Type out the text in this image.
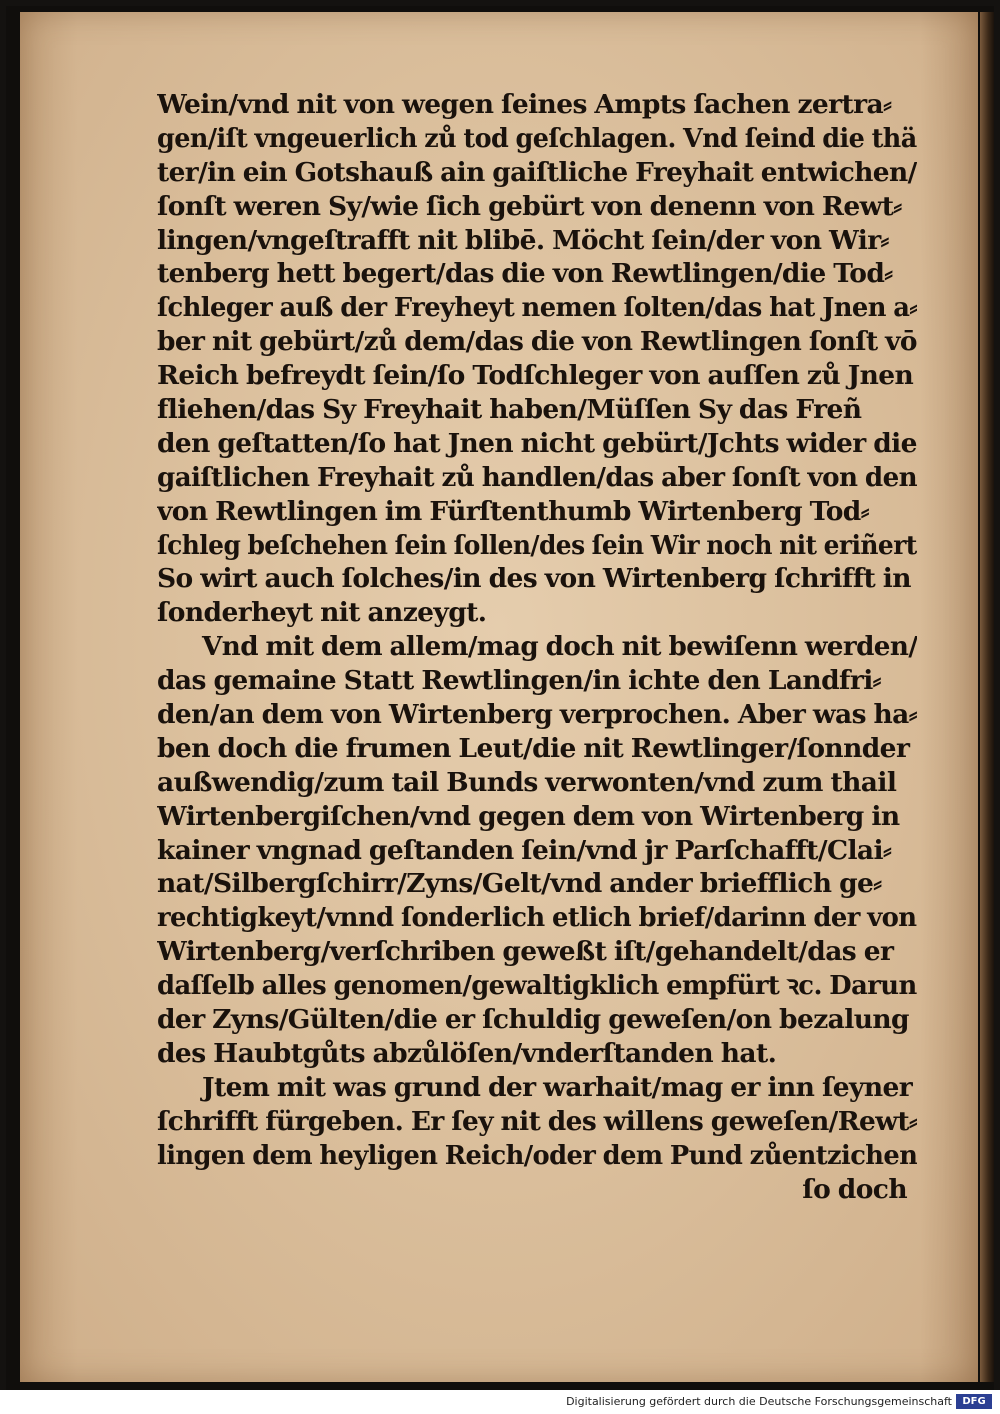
Wein/vnd nit von wegen ſeines Ampts ſachen zertra⸗
gen/iſt vngeuerlich zů tod geſchlagen. Vnd ſeind die thä
ter/in ein Gotshauß ain gaiſtliche Freyhait entwichen/
ſonſt weren Sy/wie ſich gebürt von denenn von Rewt⸗
lingen/vngeſtrafft nit blibē. Möcht ſein/der von Wir⸗
tenberg hett begert/das die von Rewtlingen/die Tod⸗
ſchleger auß der Freyheyt nemen ſolten/das hat Jnen a⸗
ber nit gebürt/zů dem/das die von Rewtlingen ſonſt vō
Reich befreydt ſein/ſo Todſchleger von auſſen zů Jnen
fliehen/das Sy Freyhait haben/Müſſen Sy das Freñ
den geſtatten/ſo hat Jnen nicht gebürt/Jchts wider die
gaiſtlichen Freyhait zů handlen/das aber ſonſt von den
von Rewtlingen im Fürſtenthumb Wirtenberg Tod⸗
ſchleg beſchehen ſein ſollen/des ſein Wir noch nit eriñert
So wirt auch ſolches/in des von Wirtenberg ſchrifft in
ſonderheyt nit anzeygt.
Vnd mit dem allem/mag doch nit bewiſenn werden/
das gemaine Statt Rewtlingen/in ichte den Landfri⸗
den/an dem von Wirtenberg verprochen. Aber was ha⸗
ben doch die frumen Leut/die nit Rewtlinger/ſonnder
außwendig/zum tail Bunds verwonten/vnd zum thail
Wirtenbergiſchen/vnd gegen dem von Wirtenberg in
kainer vngnad geſtanden ſein/vnd jr Parſchafft/Clai⸗
nat/Silbergſchirr/Zyns/Gelt/vnd ander briefflich ge⸗
rechtigkeyt/vnnd ſonderlich etlich brief/darinn der von
Wirtenberg/verſchriben geweßt iſt/gehandelt/das er
daſſelb alles genomen/gewaltigklich empfürt ꝛc. Darun
der Zyns/Gülten/die er ſchuldig geweſen/on bezalung
des Haubtgůts abzůlöſen/vnderſtanden hat.
Jtem mit was grund der warhait/mag er inn ſeyner
ſchrifft fürgeben. Er ſey nit des willens geweſen/Rewt⸗
lingen dem heyligen Reich/oder dem Pund zůentzichen
ſo doch
Digitalisierung gefördert durch die Deutsche Forschungsgemeinschaft	DFG
